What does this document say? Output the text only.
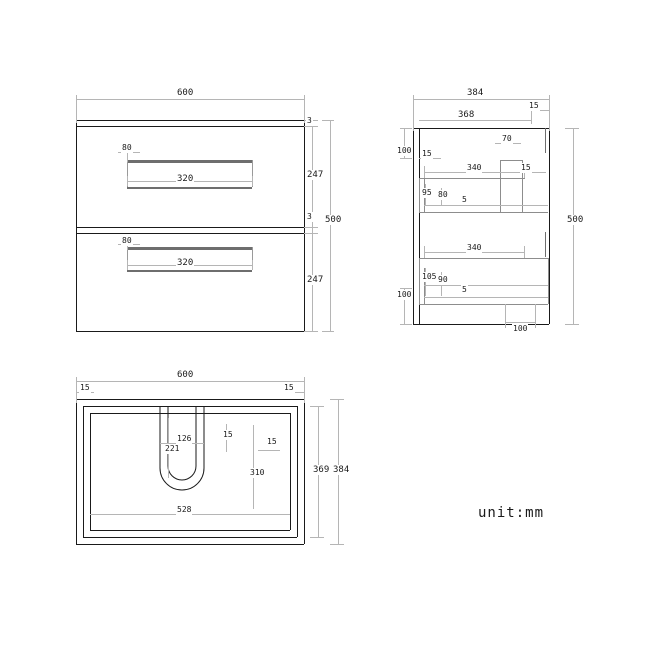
600
320
320
80
80
3
247
3
247
500
384
368
15
70
100 15
340	15
95 80
5
340
105 90
5
100
100
500
600
15	15
126	15
15
221
310
528
369 384
unit:mm
